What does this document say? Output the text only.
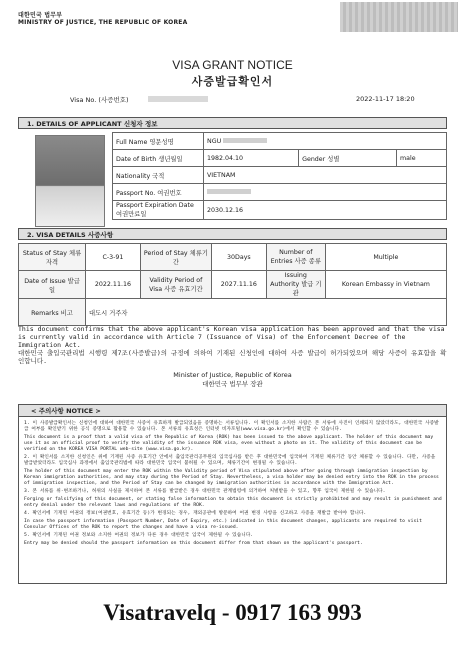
대한민국 법무부
MINISTRY OF JUSTICE, THE REPUBLIC OF KOREA
VISA GRANT NOTICE
사증발급확인서
Visa No. (사증번호)	2022-11-17 18:20
1. DETAILS OF APPLICANT 신청자 정보
Full Name 영문성명	NGU		
Date of Birth 생년월일	1982.04.10	Gender 성별	male
Nationality 국적	VIETNAM		
Passport No. 여권번호			
Passport Expiration Date 여권만료일	2030.12.16		
2. VISA DETAILS 사증사항
Status of Stay 체류자격	C-3-91	Period of Stay 체류기간	30Days	Number of Entries 사증 종류	Multiple
Date of Issue 발급일	2022.11.16	Validity Period of Visa 사증 유효기간	2027.11.16	Issuing Authority 발급 기관	Korean Embassy in Vietnam
Remarks 비고	대도시 거주자				
This document confirms that the above applicant's Korean visa application has been approved and that the visa is currently valid in accordance with Article 7 (Issuance of Visa) of the Enforcement Decree of the Immigration Act.
대한민국 출입국관리법 시행령 제7조(사증발급)의 규정에 의하여 기재된 신청인에 대하여 사증 발급이 허가되었으며 해당 사증이 유효함을 확인합니다.
Minister of Justice, Republic of Korea
대한민국 법무부 장관
< 주의사항 NOTICE >

1. 이 사증발급확인서는 신청인에 대하여 대한민국 사증이 유효하게 발급되었음을 증명하는 서류입니다. 이 확인서를 소지한 사람은 본 서류에 사진이 인쇄되지 않았더라도, 대한민국 사증발급 여부를 확인받기 위한 공식 증명으로 활용할 수 있습니다. 본 서류의 유효성은 인터넷 비자포털(www.visa.go.kr)에서 확인할 수 있습니다.

This document is a proof that a valid visa of the Republic of Korea (ROK) has been issued to the above applicant. The holder of this document may use it as an official proof to verify the validity of the issuance ROK visa, even without a photo on it. The validity of this document can be verified on the KOREA VISA PORTAL web-site (www.visa.go.kr).

2. 이 확인서를 소지한 신청인은 위에 기재된 사증 유효기간 안에서 출입국관리공무원의 입국심사를 받은 후 대한민국에 입국하여 기재된 체류기간 동안 체류할 수 있습니다. 다만, 사증을 발급받았더라도 입국심사 과정에서 출입국관리법에 따라 대한민국 입국이 불허될 수 있으며, 체류기간이 변경될 수 있습니다.

The holder of this document may enter the ROK within the Validity period of Visa stipulated above after going through immigration inspection by Korean immigration authorities, and may stay during the Period of Stay. Nevertheless, a visa holder may be denied entry into the ROK in the process of immigration inspection, and the Period of Stay can be changed by immigration authorities in accordance with the Immigration Act.

3. 본 서류를 위·변조하거나, 허위의 사실을 제시하여 본 서류를 발급받은 경우 대한민국 관계법령에 의거하여 처벌받을 수 있고, 향후 입국이 제한될 수 있습니다.

Forging or falsifying of this document, or stating false information to obtain this document is strictly prohibited and may result in punishment and entry denial under the relevant laws and regulations of the ROK.

4. 확인서에 기재된 여권의 정보(여권번호, 유효기간 등)가 변경되는 경우, 재외공관에 방문하여 여권 변경 사항을 신고하고 사증을 재발급 받아야 합니다.

In case the passport information (Passport Number, Date of Expiry, etc.) indicated in this document changes, applicants are required to visit Consular Offices of the ROK to report the changes and have a visa re-issued.

5. 확인서에 기재된 여권 정보와 소지한 여권의 정보가 다른 경우 대한민국 입국이 제한될 수 있습니다.

Entry may be denied should the passport information on this document differ from that shown on the applicant's passport.

Visatravelq - 0917 163 993
